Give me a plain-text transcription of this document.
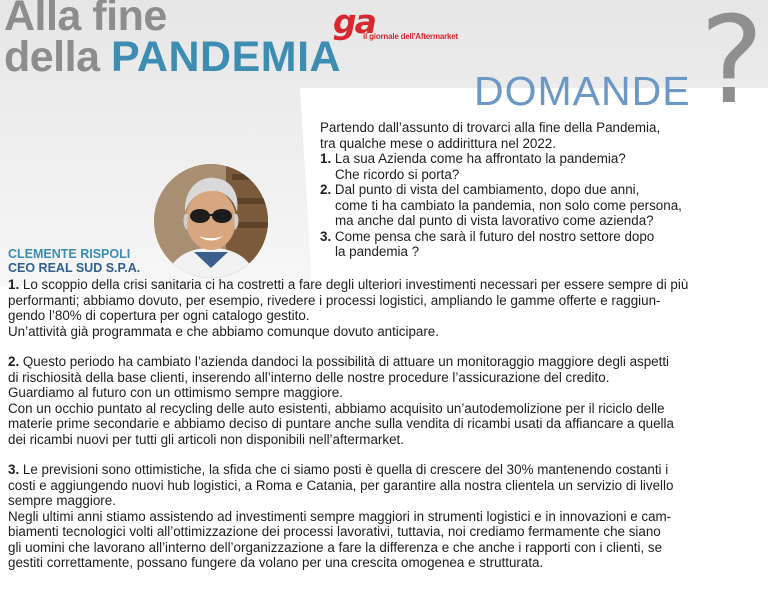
Alla fine
della PANDEMIA
ga
il giornale dell'Aftermarket ?
DOMANDE

Partendo dall’assunto di trovarci alla fine della Pandemia,

tra qualche mese o addirittura nel 2022.

1. La sua Azienda come ha affrontato la pandemia?
Che ricordo si porta?
2. Dal punto di vista del cambiamento, dopo due anni,
come ti ha cambiato la pandemia, non solo come persona,
ma anche dal punto di vista lavorativo come azienda?
3. Come pensa che sarà il futuro del nostro settore dopo
la pandemia ?
CLEMENTE RISPOLI
CEO REAL SUD S.P.A.

1. Lo scoppio della crisi sanitaria ci ha costretti a fare degli ulteriori investimenti necessari per essere sempre di più

performanti; abbiamo dovuto, per esempio, rivedere i processi logistici, ampliando le gamme offerte e raggiun-

gendo l’80% di copertura per ogni catalogo gestito.

Un’attività già programmata e che abbiamo comunque dovuto anticipare.

2. Questo periodo ha cambiato l’azienda dandoci la possibilità di attuare un monitoraggio maggiore degli aspetti

di rischiosità della base clienti, inserendo all’interno delle nostre procedure l’assicurazione del credito.

Guardiamo al futuro con un ottimismo sempre maggiore.

Con un occhio puntato al recycling delle auto esistenti, abbiamo acquisito un’autodemolizione per il riciclo delle

materie prime secondarie e abbiamo deciso di puntare anche sulla vendita di ricambi usati da affiancare a quella

dei ricambi nuovi per tutti gli articoli non disponibili nell’aftermarket.

3. Le previsioni sono ottimistiche, la sfida che ci siamo posti è quella di crescere del 30% mantenendo costanti i

costi e aggiungendo nuovi hub logistici, a Roma e Catania, per garantire alla nostra clientela un servizio di livello

sempre maggiore.

Negli ultimi anni stiamo assistendo ad investimenti sempre maggiori in strumenti logistici e in innovazioni e cam-

biamenti tecnologici volti all’ottimizzazione dei processi lavorativi, tuttavia, noi crediamo fermamente che siano

gli uomini che lavorano all’interno dell’organizzazione a fare la differenza e che anche i rapporti con i clienti, se

gestiti correttamente, possano fungere da volano per una crescita omogenea e strutturata.
